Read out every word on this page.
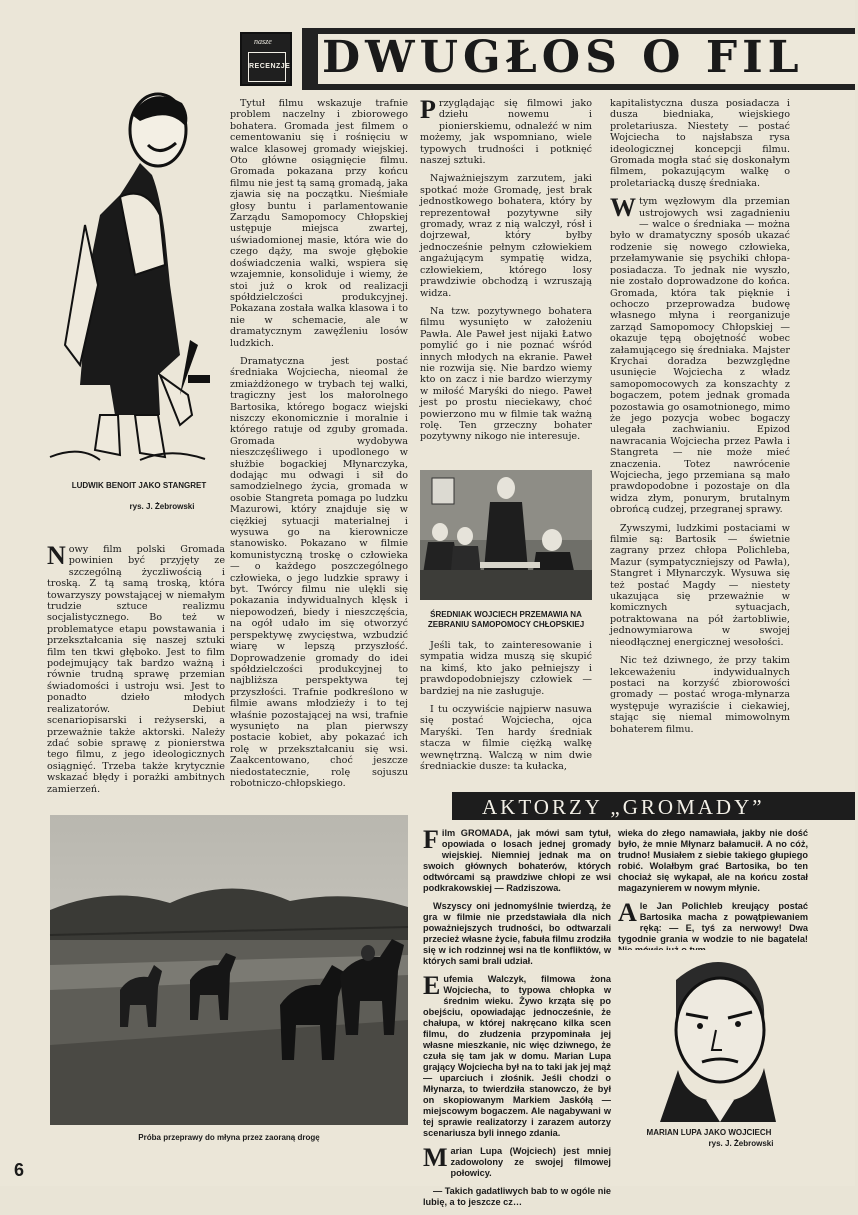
nasze
RECENZJE DWUGŁOS O FIL
LUDWIK BENOIT JAKO STANGRET
rys. J. Żebrowski

Nowy film polski Gromada powinien być przyjęty ze szczególną życzliwością i troską. Z tą samą troską, która towarzyszy powstającej w niemałym trudzie sztuce realizmu socjalistycznego. Bo też w problematyce etapu powstawania i przekształcania się naszej sztuki film ten tkwi głęboko. Jest to film podejmujący tak bardzo ważną i równie trudną sprawę przemian świadomości i ustroju wsi. Jest to ponadto dzieło młodych realizatorów. Debiut scenariopisarski i reżyserski, a przeważnie także aktorski. Należy zdać sobie sprawę z pionierstwa tego filmu, z jego ideologicznych osiągnięć. Trzeba także krytycznie wskazać błędy i porażki ambitnych zamierzeń.

Tytuł filmu wskazuje trafnie problem naczelny i zbiorowego bohatera. Gromada jest filmem o cementowaniu się i rośnięciu w walce klasowej gromady wiejskiej. Oto główne osiągnięcie filmu. Gromada pokazana przy końcu filmu nie jest tą samą gromadą, jaka zjawia się na początku. Nieśmiałe głosy buntu i parlamentowanie Zarządu Samopomocy Chłopskiej ustępuje miejsca zwartej, uświadomionej masie, która wie do czego dąży, ma swoje głębokie doświadczenia walki, wspiera się wzajemnie, konsoliduje i wiemy, że stoi już o krok od realizacji spółdzielczości produkcyjnej. Pokazana została walka klasowa i to nie w schemacie, ale w dramatycznym zawęźleniu losów ludzkich.

Dramatyczna jest postać średniaka Wojciecha, nieomal że zmiażdżonego w trybach tej walki, tragiczny jest los małorolnego Bartosika, którego bogacz wiejski niszczy ekonomicznie i moralnie i którego ratuje od zguby gromada. Gromada wydobywa nieszczęśliwego i upodlonego w służbie bogackiej Młynarczyka, dodając mu odwagi i sił do samodzielnego życia, gromada w osobie Stangreta pomaga po ludzku Mazurowi, który znajduje się w ciężkiej sytuacji materialnej i wysuwa go na kierownicze stanowisko. Pokazano w filmie komunistyczną troskę o człowieka — o każdego poszczególnego człowieka, o jego ludzkie sprawy i byt. Twórcy filmu nie ulękli się pokazania indywidualnych klęsk i niepowodzeń, biedy i nieszczęścia, na ogół udało im się otworzyć perspektywę zwycięstwa, wzbudzić wiarę w lepszą przyszłość. Doprowadzenie gromady do idei spółdzielczości produkcyjnej to najbliższa perspektywa tej przyszłości. Trafnie podkreślono w filmie awans młodzieży i to tej właśnie pozostającej na wsi, trafnie wysunięto na plan pierwszy postacie kobiet, aby pokazać ich rolę w przekształcaniu się wsi. Zaakcentowano, choć jeszcze niedostatecznie, rolę sojuszu robotniczo-chłopskiego.

Przyglądając się filmowi jako dziełu nowemu i pionierskiemu, odnaleźć w nim możemy, jak wspomniano, wiele typowych trudności i potknięć naszej sztuki.

Najważniejszym zarzutem, jaki spotkać może Gromadę, jest brak jednostkowego bohatera, który by reprezentował pozytywne siły gromady, wraz z nią walczył, rósł i dojrzewał, który byłby jednocześnie pełnym człowiekiem angażującym sympatię widza, człowiekiem, którego losy prawdziwie obchodzą i wzruszają widza.

Na tzw. pozytywnego bohatera filmu wysunięto w założeniu Pawła. Ale Paweł jest nijaki Łatwo pomylić go i nie poznać wśród innych młodych na ekranie. Paweł nie rozwija się. Nie bardzo wiemy kto on zacz i nie bardzo wierzymy w miłość Maryśki do niego. Paweł jest po prostu nieciekawy, choć powierzono mu w filmie tak ważną rolę. Ten grzeczny bohater pozytywny nikogo nie interesuje.

ŚREDNIAK WOJCIECH PRZEMAWIA NA ZEBRANIU SAMOPOMOCY CHŁOPSKIEJ

Jeśli tak, to zainteresowanie i sympatia widza muszą się skupić na kimś, kto jako pełniejszy i prawdopodobniejszy człowiek — bardziej na nie zasługuje.

I tu oczywiście najpierw nasuwa się postać Wojciecha, ojca Maryśki. Ten hardy średniak stacza w filmie ciężką walkę wewnętrzną. Walczą w nim dwie średniackie dusze: ta kułacka,

kapitalistyczna dusza posiadacza i dusza biedniaka, wiejskiego proletariusza. Niestety — postać Wojciecha to najsłabsza rysa ideologicznej koncepcji filmu. Gromada mogła stać się doskonałym filmem, pokazującym walkę o proletariacką duszę średniaka.

Wtym węzłowym dla przemian ustrojowych wsi zagadnieniu — walce o średniaka — można było w dramatyczny sposób ukazać rodzenie się nowego człowieka, przełamywanie się psychiki chłopa-posiadacza. To jednak nie wyszło, nie zostało doprowadzone do końca. Gromada, która tak pięknie i ochoczo przeprowadza budowę własnego młyna i reorganizuje zarząd Samopomocy Chłopskiej — okazuje tępą obojętność wobec załamującego się średniaka. Majster Krychai doradza bezwzględne usunięcie Wojciecha z władz samopomocowych za konszachty z bogaczem, potem jednak gromada pozostawia go osamotnionego, mimo że jego pozycja wobec bogaczy ulegała zachwianiu. Epizod nawracania Wojciecha przez Pawła i Stangreta — nie może mieć znaczenia. Totez nawrócenie Wojciecha, jego przemiana są mało prawdopodobne i pozostaje on dla widza złym, ponurym, brutalnym obrońcą cudzej, przegranej sprawy.

Zywszymi, ludzkimi postaciami w filmie są: Bartosik — świetnie zagrany przez chłopa Polichleba, Mazur (sympatyczniejszy od Pawła), Stangret i Młynarczyk. Wysuwa się też postać Magdy — niestety ukazująca się przeważnie w komicznych sytuacjach, potraktowana na pół żartobliwie, jednowymiarowa w swojej nieodłącznej energicznej wesołości.

Nic też dziwnego, że przy takim lekceważeniu indywidualnych postaci na korzyść zbiorowości gromady — postać wroga-młynarza występuje wyraziście i ciekawiej, stając się niemal mimowolnym bohaterem filmu.

AKTORZY „GROMADY”
Próba przeprawy do młyna przez zaoraną drogę

Film GROMADA, jak mówi sam tytuł, opowiada o losach jednej gromady wiejskiej. Niemniej jednak ma on swoich głównych bohaterów, których odtwórcami są prawdziwe chłopi ze wsi podkrakowskiej — Radziszowa.

Wszyscy oni jednomyślnie twierdzą, że gra w filmie nie przedstawiała dla nich poważniejszych trudności, bo odtwarzali przecież własne życie, fabuła filmu zrodziła się w ich rodzinnej wsi na tle konfliktów, w których sami brali udział.

Eufemia Walczyk, filmowa żona Wojciecha, to typowa chłopka w średnim wieku. Żywo krząta się po obejściu, opowiadając jednocześnie, że chałupa, w której nakręcano kilka scen filmu, do złudzenia przypominała jej własne mieszkanie, nic więc dziwnego, że czuła się tam jak w domu. Marian Lupa grający Wojciecha był na to taki jak jej mąż — uparciuch i złośnik. Jeśli chodzi o Młynarza, to twierdziła stanowczo, że był on skopiowanym Markiem Jaskółą — miejscowym bogaczem. Ale nagabywani w tej sprawie realizatorzy i zarazem autorzy scenariusza byli innego zdania.

Marian Lupa (Wojciech) jest mniej zadowolony ze swojej filmowej połowicy.

— Takich gadatliwych bab to w ogóle nie lubię, a to jeszcze cz…

wieka do złego namawiała, jakby nie dość było, że mnie Młynarz bałamucił. A no cóż, trudno! Musiałem z siebie takiego głupiego robić. Wolałbym grać Bartosika, bo ten chociaż się wykapał, ale na końcu został magazynierem w nowym młynie.

Ale Jan Polichleb kreujący postać Bartosika macha z powątpiewaniem ręką: — E, tyś za nerwowy! Dwa tygodnie grania w wodzie to nie bagatela!

MARIAN LUPA JAKO WOJCIECH
rys. J. Żebrowski
6
